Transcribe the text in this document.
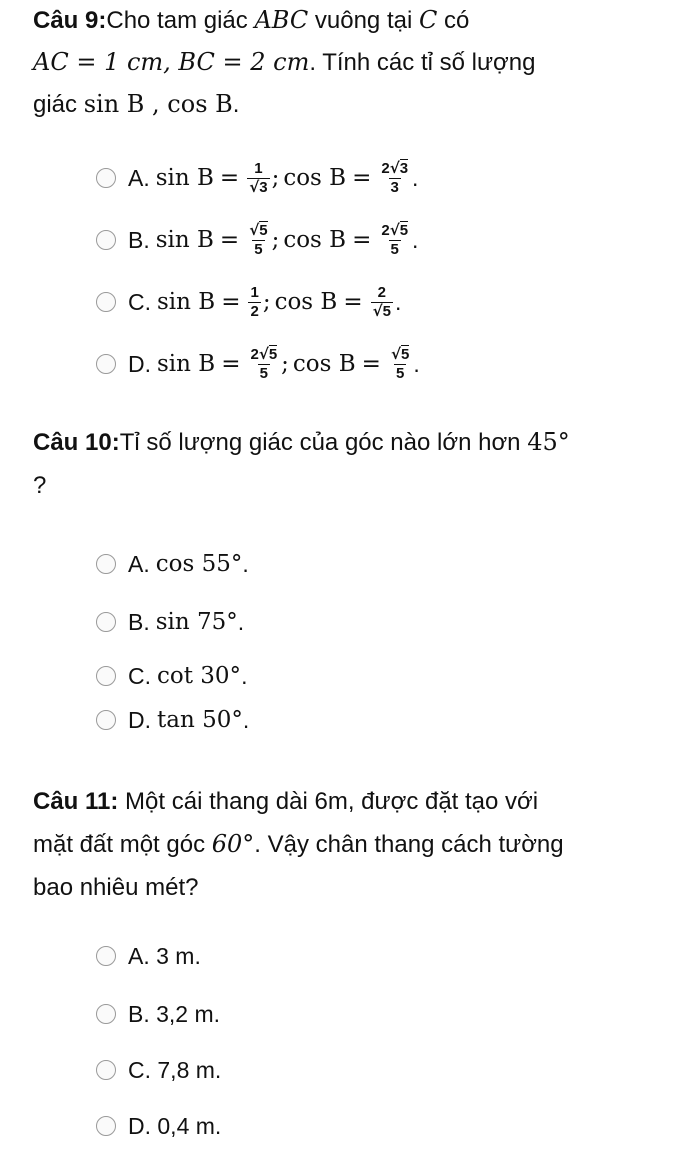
Câu 9:Cho tam giác ABC vuông tại C có
AC = 1 cm, BC = 2 cm. Tính các tỉ số lượng
giác sin B , cos B.
A. $\sin B = \frac{1}{√3}$ ; $\cos B = \frac{2√3}{3}$ .
B. $\sin B = \frac{√5}{5}$ ; $\cos B = \frac{2√5}{5}$ .
C. $\sin B = \frac{1}{2}$ ; $\cos B = \frac{2}{√5}$ .
D. $\sin B = \frac{2√5}{5}$ ; $\cos B = \frac{√5}{5}$ .
Câu 10:Tỉ số lượng giác của góc nào lớn hơn 45°
?
A. cos 55° .
B. sin 75° .
C. cot 30° .
D. tan 50° .
Câu 11: Một cái thang dài 6m, được đặt tạo với
mặt đất một góc 60°. Vậy chân thang cách tường
bao nhiêu mét?
A. 3 m.
B. 3,2 m.
C. 7,8 m.
D. 0,4 m.
